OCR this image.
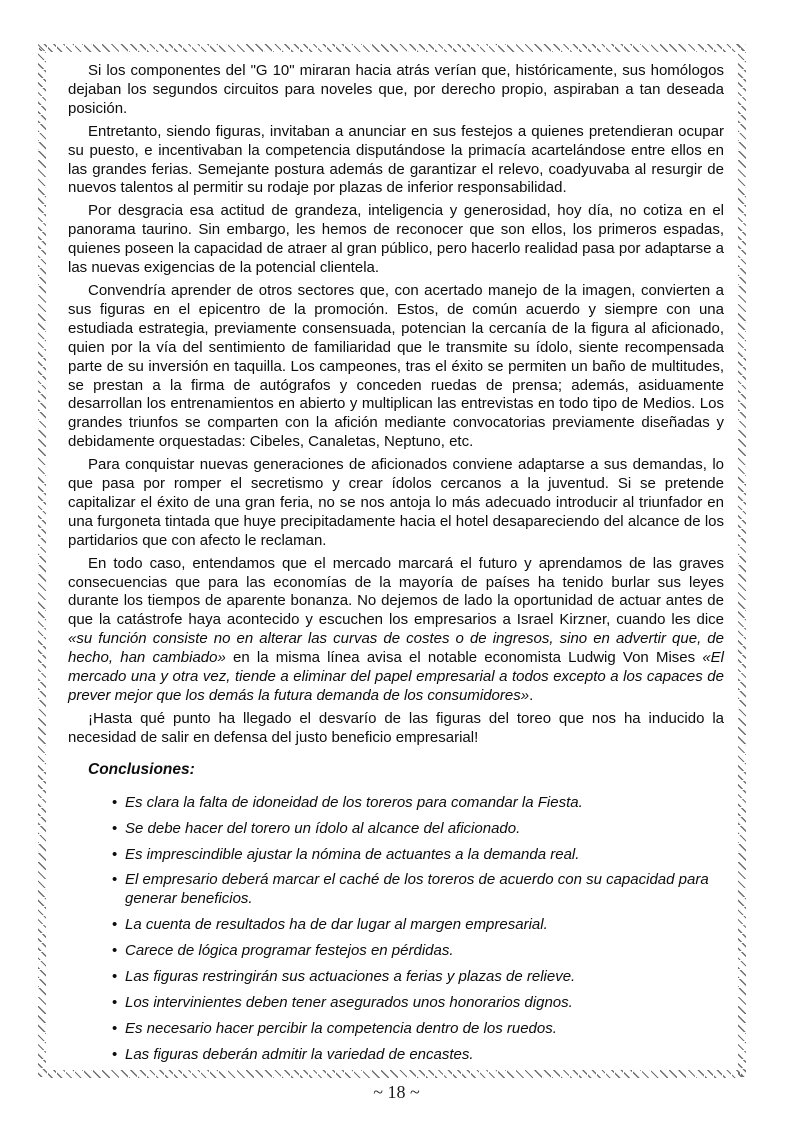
Si los componentes del "G 10" miraran hacia atrás verían que, históricamente, sus homólogos dejaban los segundos circuitos para noveles que, por derecho propio, aspiraban a tan deseada posición.

Entretanto, siendo figuras, invitaban a anunciar en sus festejos a quienes pretendieran ocupar su puesto, e incentivaban la competencia disputándose la primacía acartelándose entre ellos en las grandes ferias. Semejante postura además de garantizar el relevo, coadyuvaba al resurgir de nuevos talentos al permitir su rodaje por plazas de inferior responsabilidad.

Por desgracia esa actitud de grandeza, inteligencia y generosidad, hoy día, no cotiza en el panorama taurino. Sin embargo, les hemos de reconocer que son ellos, los primeros espadas, quienes poseen la capacidad de atraer al gran público, pero hacerlo realidad pasa por adaptarse a las nuevas exigencias de la potencial clientela.

Convendría aprender de otros sectores que, con acertado manejo de la imagen, convierten a sus figuras en el epicentro de la promoción. Estos, de común acuerdo y siempre con una estudiada estrategia, previamente consensuada, potencian la cercanía de la figura al aficionado, quien por la vía del sentimiento de familiaridad que le transmite su ídolo, siente recompensada parte de su inversión en taquilla. Los campeones, tras el éxito se permiten un baño de multitudes, se prestan a la firma de autógrafos y conceden ruedas de prensa; además, asiduamente desarrollan los entrenamientos en abierto y multiplican las entrevistas en todo tipo de Medios. Los grandes triunfos se comparten con la afición mediante convocatorias previamente diseñadas y debidamente orquestadas: Cibeles, Canaletas, Neptuno, etc.

Para conquistar nuevas generaciones de aficionados conviene adaptarse a sus demandas, lo que pasa por romper el secretismo y crear ídolos cercanos a la juventud. Si se pretende capitalizar el éxito de una gran feria, no se nos antoja lo más adecuado introducir al triunfador en una furgoneta tintada que huye precipitadamente hacia el hotel desapareciendo del alcance de los partidarios que con afecto le reclaman.

En todo caso, entendamos que el mercado marcará el futuro y aprendamos de las graves consecuencias que para las economías de la mayoría de países ha tenido burlar sus leyes durante los tiempos de aparente bonanza. No dejemos de lado la oportunidad de actuar antes de que la catástrofe haya acontecido y escuchen los empresarios a Israel Kirzner, cuando les dice «su función consiste no en alterar las curvas de costes o de ingresos, sino en advertir que, de hecho, han cambiado» en la misma línea avisa el notable economista Ludwig Von Mises «El mercado una y otra vez, tiende a eliminar del papel empresarial a todos excepto a los capaces de prever mejor que los demás la futura demanda de los consumidores».

¡Hasta qué punto ha llegado el desvarío de las figuras del toreo que nos ha inducido la necesidad de salir en defensa del justo beneficio empresarial!

Conclusiones:
• Es clara la falta de idoneidad de los toreros para comandar la Fiesta.
• Se debe hacer del torero un ídolo al alcance del aficionado.
• Es imprescindible ajustar la nómina de actuantes a la demanda real.
• El empresario deberá marcar el caché de los toreros de acuerdo con su capacidad para generar beneficios.
• La cuenta de resultados ha de dar lugar al margen empresarial.
• Carece de lógica programar festejos en pérdidas.
• Las figuras restringirán sus actuaciones a ferias y plazas de relieve.
• Los intervinientes deben tener asegurados unos honorarios dignos.
• Es necesario hacer percibir la competencia dentro de los ruedos.
• Las figuras deberán admitir la variedad de encastes.
~ 18 ~
